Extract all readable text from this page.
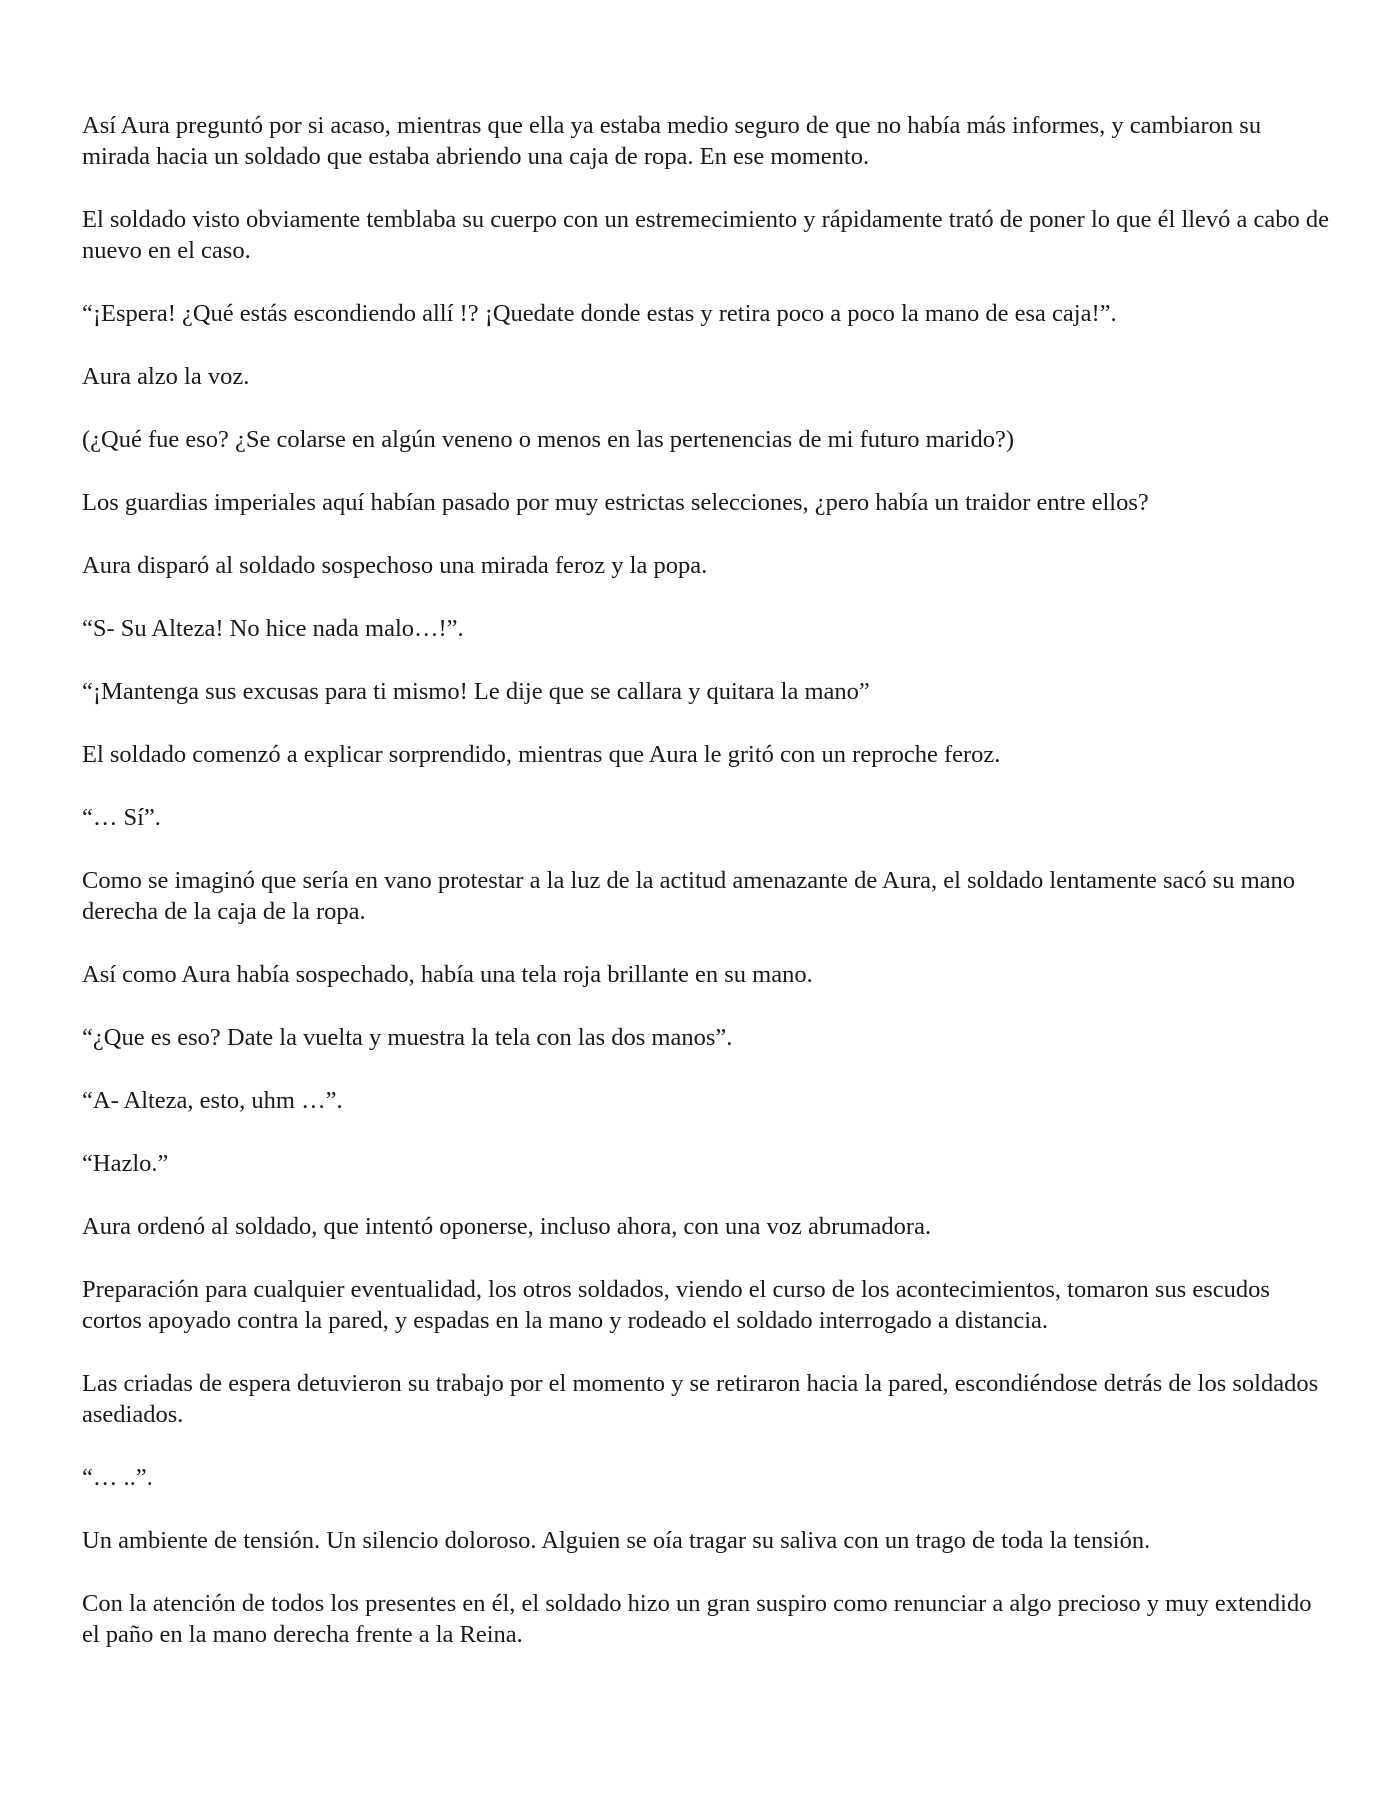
Así Aura preguntó por si acaso, mientras que ella ya estaba medio seguro de que no había más informes, y cambiaron su mirada hacia un soldado que estaba abriendo una caja de ropa. En ese momento.

El soldado visto obviamente temblaba su cuerpo con un estremecimiento y rápidamente trató de poner lo que él llevó a cabo de nuevo en el caso.

“¡Espera! ¿Qué estás escondiendo allí !? ¡Quedate donde estas y retira poco a poco la mano de esa caja!”.

Aura alzo la voz.

(¿Qué fue eso? ¿Se colarse en algún veneno o menos en las pertenencias de mi futuro marido?)

Los guardias imperiales aquí habían pasado por muy estrictas selecciones, ¿pero había un traidor entre ellos?

Aura disparó al soldado sospechoso una mirada feroz y la popa.

“S- Su Alteza! No hice nada malo…!”.

“¡Mantenga sus excusas para ti mismo! Le dije que se callara y quitara la mano”

El soldado comenzó a explicar sorprendido, mientras que Aura le gritó con un reproche feroz.

“… Sí”.

Como se imaginó que sería en vano protestar a la luz de la actitud amenazante de Aura, el soldado lentamente sacó su mano derecha de la caja de la ropa.

Así como Aura había sospechado, había una tela roja brillante en su mano.

“¿Que es eso? Date la vuelta y muestra la tela con las dos manos”.

“A- Alteza, esto, uhm …”.

“Hazlo.”

Aura ordenó al soldado, que intentó oponerse, incluso ahora, con una voz abrumadora.

Preparación para cualquier eventualidad, los otros soldados, viendo el curso de los acontecimientos, tomaron sus escudos cortos apoyado contra la pared, y espadas en la mano y rodeado el soldado interrogado a distancia.

Las criadas de espera detuvieron su trabajo por el momento y se retiraron hacia la pared, escondiéndose detrás de los soldados asediados.

“… ..”.

Un ambiente de tensión. Un silencio doloroso. Alguien se oía tragar su saliva con un trago de toda la tensión.

Con la atención de todos los presentes en él, el soldado hizo un gran suspiro como renunciar a algo precioso y muy extendido el paño en la mano derecha frente a la Reina.
